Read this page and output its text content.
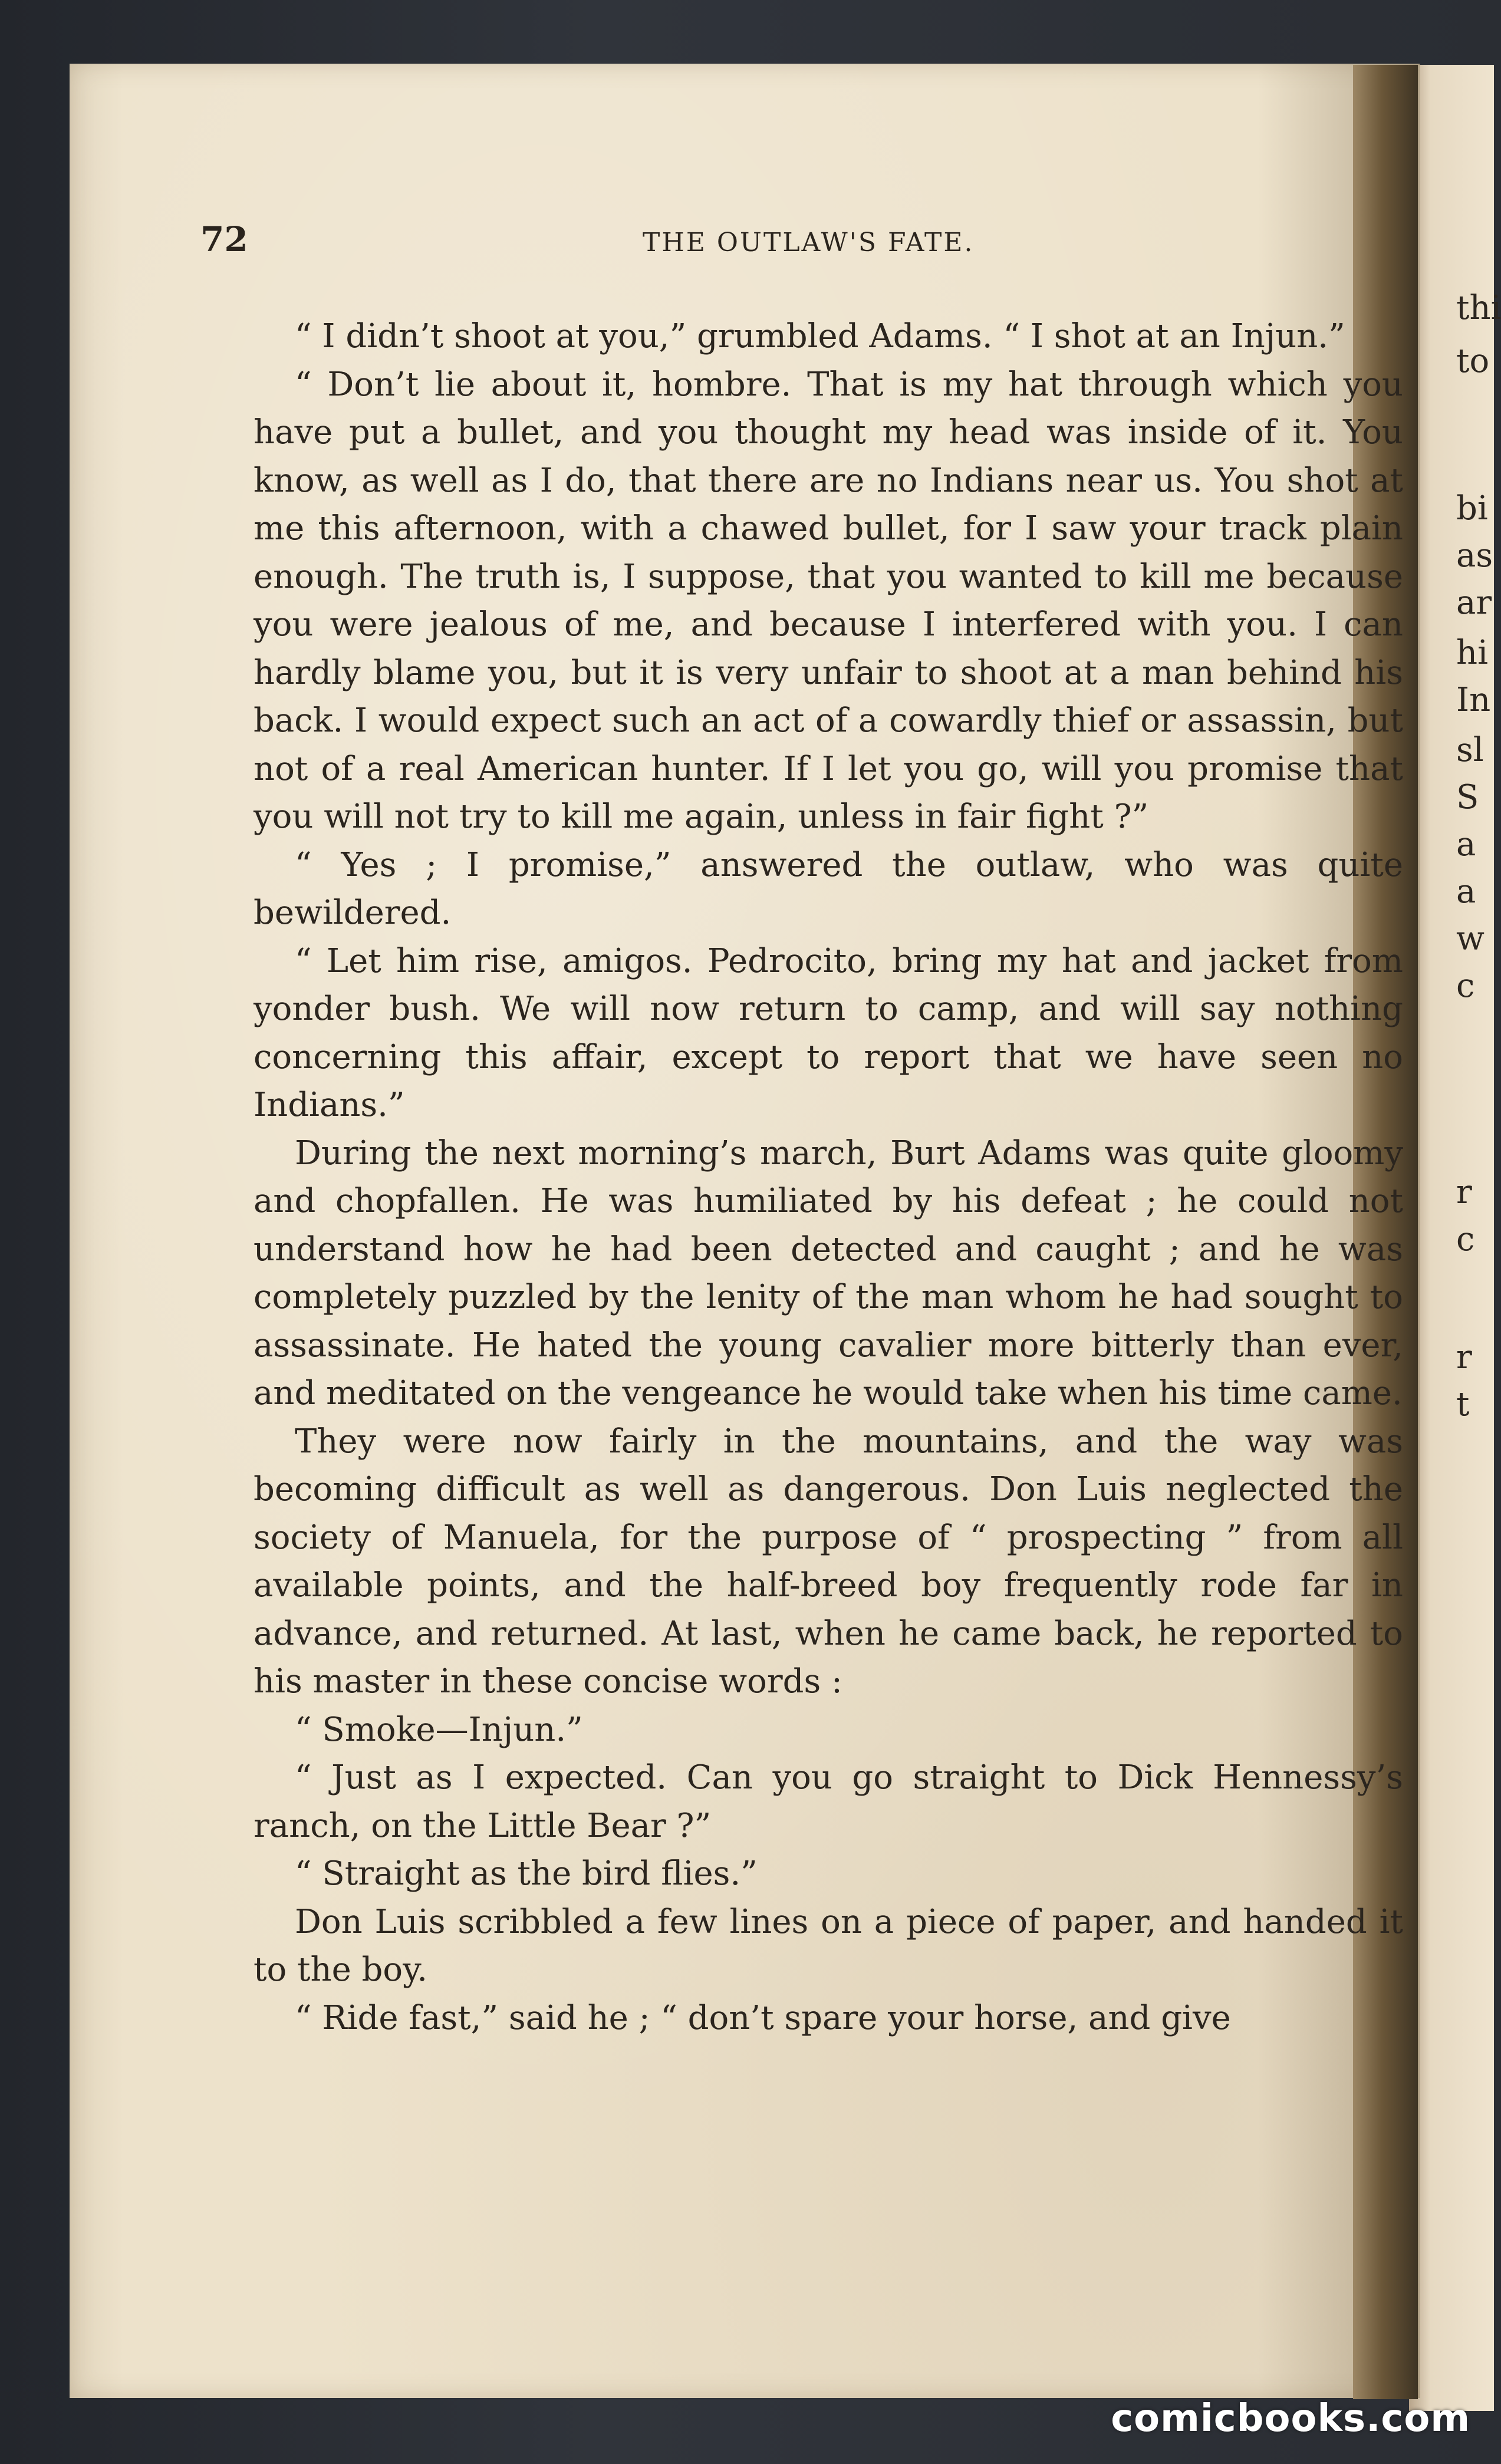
thi
to
bi
as
ar
hi
In
sl
S
a
a
w
c
r
c
r
t
72	THE OUTLAW'S FATE.

“ I didn’t shoot at you,” grumbled Adams. “ I shot at an Injun.”

“ Don’t lie about it, hombre. That is my hat through which you have put a bullet, and you thought my head was inside of it. You know, as well as I do, that there are no Indians near us. You shot at me this afternoon, with a chawed bullet, for I saw your track plain enough. The truth is, I suppose, that you wanted to kill me because you were jealous of me, and because I interfered with you. I can hardly blame you, but it is very unfair to shoot at a man behind his back. I would expect such an act of a cowardly thief or assassin, but not of a real American hunter. If I let you go, will you promise that you will not try to kill me again, unless in fair fight ?”

“ Yes ; I promise,” answered the outlaw, who was quite bewildered.

“ Let him rise, amigos. Pedrocito, bring my hat and jacket from yonder bush. We will now return to camp, and will say nothing concerning this affair, except to report that we have seen no Indians.”

During the next morning’s march, Burt Adams was quite gloomy and chopfallen. He was humiliated by his defeat ; he could not understand how he had been detected and caught ; and he was completely puzzled by the lenity of the man whom he had sought to assassinate. He hated the young cavalier more bitterly than ever, and meditated on the vengeance he would take when his time came.

They were now fairly in the mountains, and the way was becoming difficult as well as dangerous. Don Luis neglected the society of Manuela, for the purpose of “ prospecting ” from all available points, and the half-breed boy frequently rode far in advance, and returned. At last, when he came back, he reported to his master in these concise words :

“ Smoke—Injun.”

“ Just as I expected. Can you go straight to Dick Hennessy’s ranch, on the Little Bear ?”

“ Straight as the bird flies.”

Don Luis scribbled a few lines on a piece of paper, and handed it to the boy.

“ Ride fast,” said he ; “ don’t spare your horse, and give

comicbooks.com
